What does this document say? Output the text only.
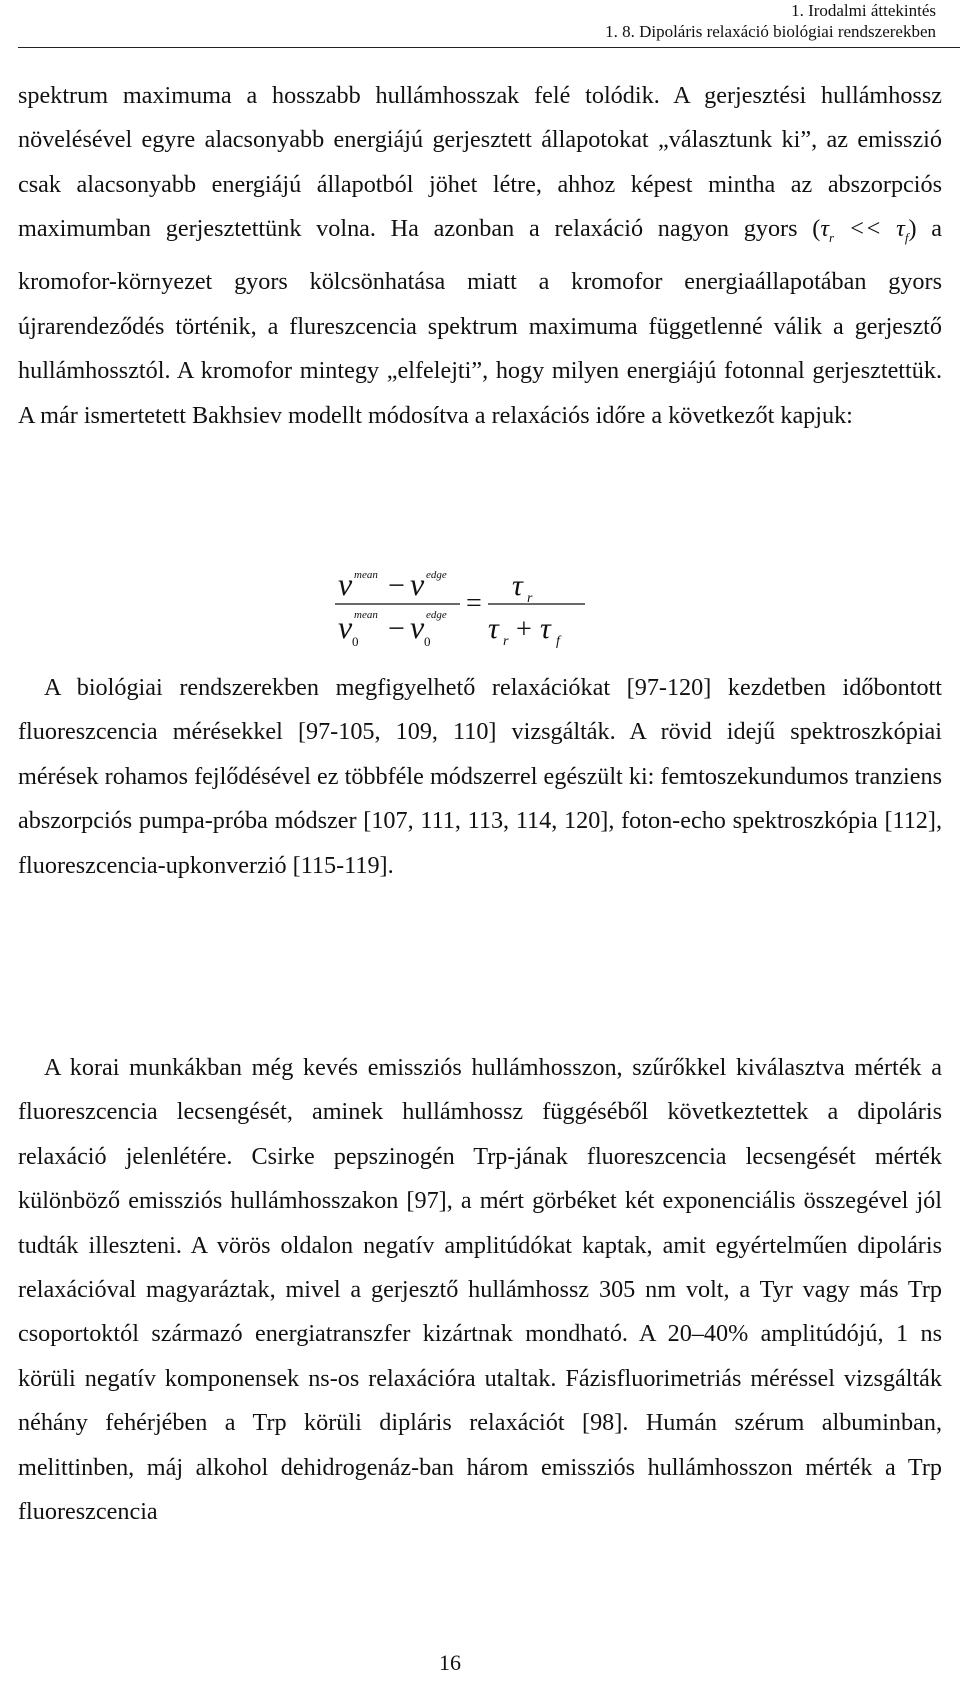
1. Irodalmi áttekintés
1. 8. Dipoláris relaxáció biológiai rendszerekben

spektrum maximuma a hosszabb hullámhosszak felé tolódik. A gerjesztési hullámhossz növelésével egyre alacsonyabb energiájú gerjesztett állapotokat „választunk ki”, az emisszió csak alacsonyabb energiájú állapotból jöhet létre, ahhoz képest mintha az abszorpciós maximumban gerjesztettünk volna. Ha azonban a relaxáció nagyon gyors $(\tau_r << \tau_f)$ a kromofor-környezet gyors kölcsönhatása miatt a kromofor energiaállapotában gyors újrarendeződés történik, a flureszcencia spektrum maximuma függetlenné válik a gerjesztő hullámhossztól. A kromofor mintegy „elfelejti”, hogy milyen energiájú fotonnal gerjesztettük. A már ismertetett Bakhsiev modellt módosítva a relaxációs időre a következőt kapjuk:

ν mean − ν edge
ν mean
0 − ν edge
0
=
τ r
τ r + τ f

A biológiai rendszerekben megfigyelhető relaxációkat [97-120] kezdetben időbontott fluoreszcencia mérésekkel [97-105, 109, 110] vizsgálták. A rövid idejű spektroszkópiai mérések rohamos fejlődésével ez többféle módszerrel egészült ki: femtoszekundumos tranziens abszorpciós pumpa-próba módszer [107, 111, 113, 114, 120], foton-echo spektroszkópia [112], fluoreszcencia-upkonverzió [115-119].

A korai munkákban még kevés emissziós hullámhosszon, szűrőkkel kiválasztva mérték a fluoreszcencia lecsengését, aminek hullámhossz függéséből következtettek a dipoláris relaxáció jelenlétére. Csirke pepszinogén Trp-jának fluoreszcencia lecsengését mérték különböző emissziós hullámhosszakon [97], a mért görbéket két exponenciális összegével jól tudták illeszteni. A vörös oldalon negatív amplitúdókat kaptak, amit egyértelműen dipoláris relaxációval magyaráztak, mivel a gerjesztő hullámhossz 305 nm volt, a Tyr vagy más Trp csoportoktól származó energiatranszfer kizártnak mondható. A 20–40% amplitúdójú, 1 ns körüli negatív komponensek ns-os relaxációra utaltak. Fázisfluorimetriás méréssel vizsgálták néhány fehérjében a Trp körüli dipláris relaxációt [98]. Humán szérum albuminban, melittinben, máj alkohol dehidrogenáz-ban három emissziós hullámhosszon mérték a Trp fluoreszcencia

16
